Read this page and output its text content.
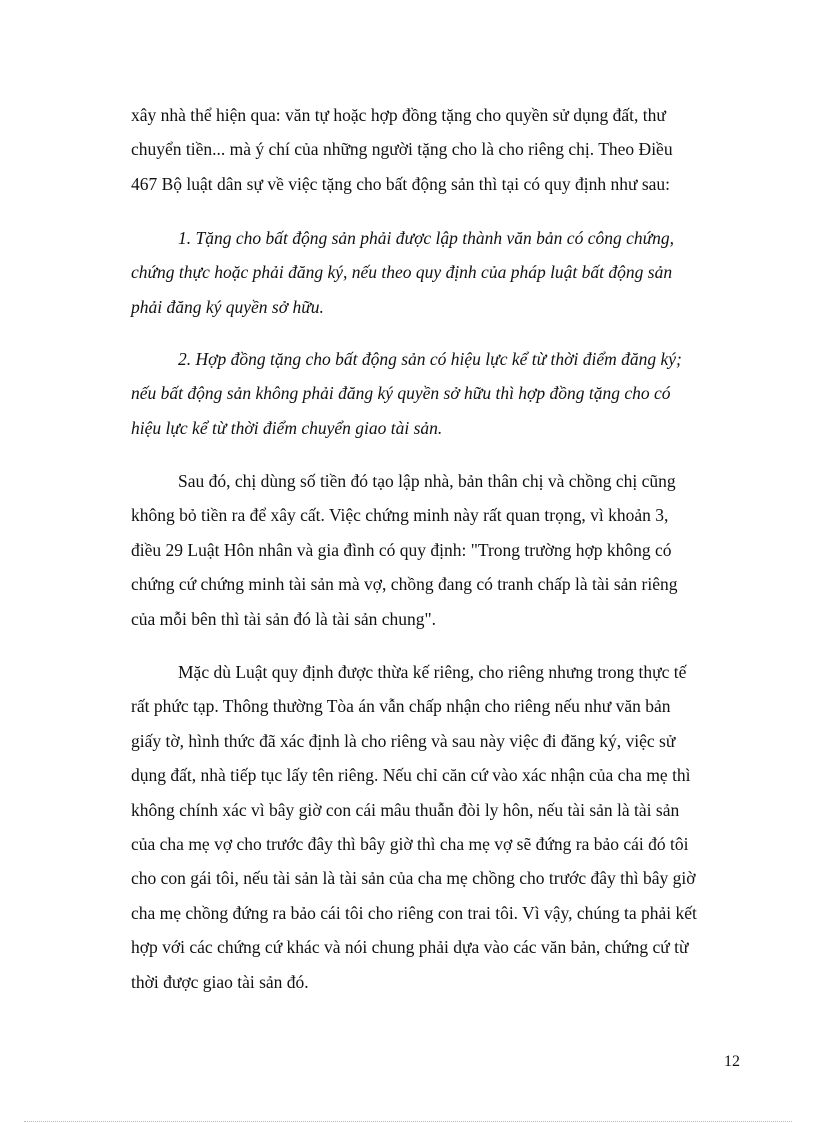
xây nhà thể hiện qua: văn tự hoặc hợp đồng tặng cho quyền sử dụng đất, thư
chuyển tiền... mà ý chí của những người tặng cho là cho riêng chị. Theo Điều
467 Bộ luật dân sự về việc tặng cho bất động sản thì tại có quy định như sau:

1. Tặng cho bất động sản phải được lập thành văn bản có công chứng,
chứng thực hoặc phải đăng ký, nếu theo quy định của pháp luật bất động sản
phải đăng ký quyền sở hữu.

2. Hợp đồng tặng cho bất động sản có hiệu lực kể từ thời điểm đăng ký;
nếu bất động sản không phải đăng ký quyền sở hữu thì hợp đồng tặng cho có
hiệu lực kể từ thời điểm chuyển giao tài sản.

Sau đó, chị dùng số tiền đó tạo lập nhà, bản thân chị và chồng chị cũng
không bỏ tiền ra để xây cất. Việc chứng minh này rất quan trọng, vì khoản 3,
điều 29 Luật Hôn nhân và gia đình có quy định: "Trong trường hợp không có
chứng cứ chứng minh tài sản mà vợ, chồng đang có tranh chấp là tài sản riêng
của mỗi bên thì tài sản đó là tài sản chung".

Mặc dù Luật quy định được thừa kế riêng, cho riêng nhưng trong thực tế
rất phức tạp. Thông thường Tòa án vẫn chấp nhận cho riêng nếu như văn bản
giấy tờ, hình thức đã xác định là cho riêng và sau này việc đi đăng ký, việc sử
dụng đất, nhà tiếp tục lấy tên riêng. Nếu chỉ căn cứ vào xác nhận của cha mẹ thì
không chính xác vì bây giờ con cái mâu thuẫn đòi ly hôn, nếu tài sản là tài sản
của cha mẹ vợ cho trước đây thì bây giờ thì cha mẹ vợ sẽ đứng ra bảo cái đó tôi
cho con gái tôi, nếu tài sản là tài sản của cha mẹ chồng cho trước đây thì bây giờ
cha mẹ chồng đứng ra bảo cái tôi cho riêng con trai tôi. Vì vậy, chúng ta phải kết
hợp với các chứng cứ khác và nói chung phải dựa vào các văn bản, chứng cứ từ
thời được giao tài sản đó.

12
